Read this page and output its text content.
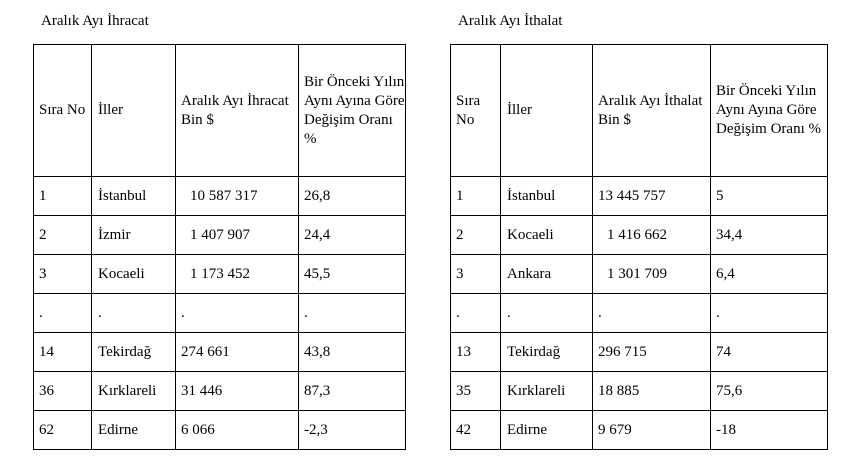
Aralık Ayı İhracat
Sıra No	İller	Aralık Ayı İhracat Bin $	Bir Önceki Yılın Aynı Ayına Göre Değişim Oranı %
1	İstanbul	10 587 317	26,8
2	İzmir	1 407 907	24,4
3	Kocaeli	1 173 452	45,5
.	.	.	.
14	Tekirdağ	274 661	43,8
36	Kırklareli	31 446	87,3
62	Edirne	6 066	-2,3
Aralık Ayı İthalat
Sıra No	İller	Aralık Ayı İthalat Bin $	Bir Önceki Yılın Aynı Ayına Göre Değişim Oranı %
1	İstanbul	13 445 757	5
2	Kocaeli	1 416 662	34,4
3	Ankara	1 301 709	6,4
.	.	.	.
13	Tekirdağ	296 715	74
35	Kırklareli	18 885	75,6
42	Edirne	9 679	-18
